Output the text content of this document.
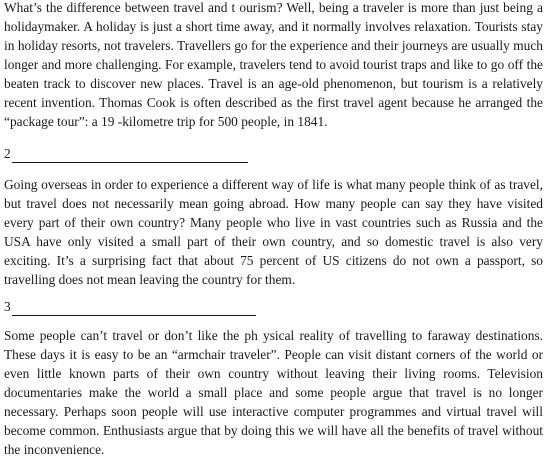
What’s the difference between travel and t ourism? Well, being a traveler is more than just being a holidaymaker. A holiday is just a short time away, and it normally involves relaxation. Tourists stay in holiday resorts, not travelers. Travellers go for the experience and their journeys are usually much longer and more challenging. For example, travelers tend to avoid tourist traps and like to go off the beaten track to discover new places. Travel is an age-old phenomenon, but tourism is a relatively recent invention. Thomas Cook is often described as the first travel agent because he arranged the “package tour”: a 19 -kilometre trip for 500 people, in 1841.

2

Going overseas in order to experience a different way of life is what many people think of as travel, but travel does not necessarily mean going abroad. How many people can say they have visited every part of their own country? Many people who live in vast countries such as Russia and the USA have only visited a small part of their own country, and so domestic travel is also very exciting. It’s a surprising fact that about 75 percent of US citizens do not own a passport, so travelling does not mean leaving the country for them.

3

Some people can’t travel or don’t like the ph ysical reality of travelling to faraway destinations. These days it is easy to be an “armchair traveler”. People can visit distant corners of the world or even little known parts of their own country without leaving their living rooms. Television documentaries make the world a small place and some people argue that travel is no longer necessary. Perhaps soon people will use interactive computer programmes and virtual travel will become common. Enthusiasts argue that by doing this we will have all the benefits of travel without the inconvenience.
